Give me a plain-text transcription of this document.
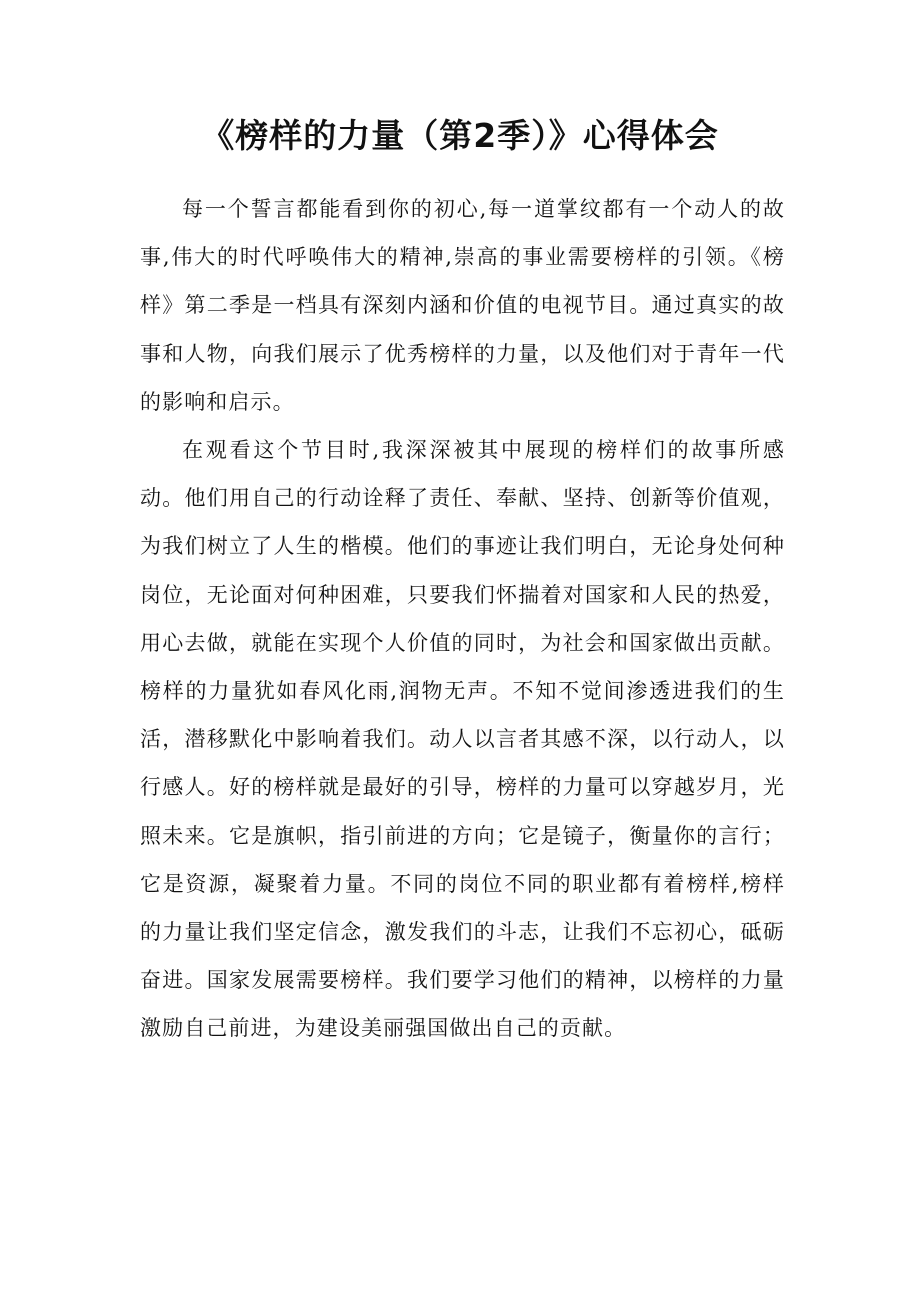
《榜样的力量（第2季）》心得体会

每一个誓言都能看到你的初心,每一道掌纹都有一个动人的故事,伟大的时代呼唤伟大的精神,崇高的事业需要榜样的引领。《榜样》第二季是一档具有深刻内涵和价值的电视节目。通过真实的故事和人物，向我们展示了优秀榜样的力量，以及他们对于青年一代的影响和启示。

在观看这个节目时,我深深被其中展现的榜样们的故事所感动。他们用自己的行动诠释了责任、奉献、坚持、创新等价值观，为我们树立了人生的楷模。他们的事迹让我们明白，无论身处何种岗位，无论面对何种困难，只要我们怀揣着对国家和人民的热爱，用心去做，就能在实现个人价值的同时，为社会和国家做出贡献。榜样的力量犹如春风化雨,润物无声。不知不觉间渗透进我们的生活，潜移默化中影响着我们。动人以言者其感不深，以行动人，以行感人。好的榜样就是最好的引导，榜样的力量可以穿越岁月，光照未来。它是旗帜，指引前进的方向；它是镜子，衡量你的言行；它是资源，凝聚着力量。不同的岗位不同的职业都有着榜样,榜样的力量让我们坚定信念，激发我们的斗志，让我们不忘初心，砥砺奋进。国家发展需要榜样。我们要学习他们的精神，以榜样的力量激励自己前进，为建设美丽强国做出自己的贡献。
